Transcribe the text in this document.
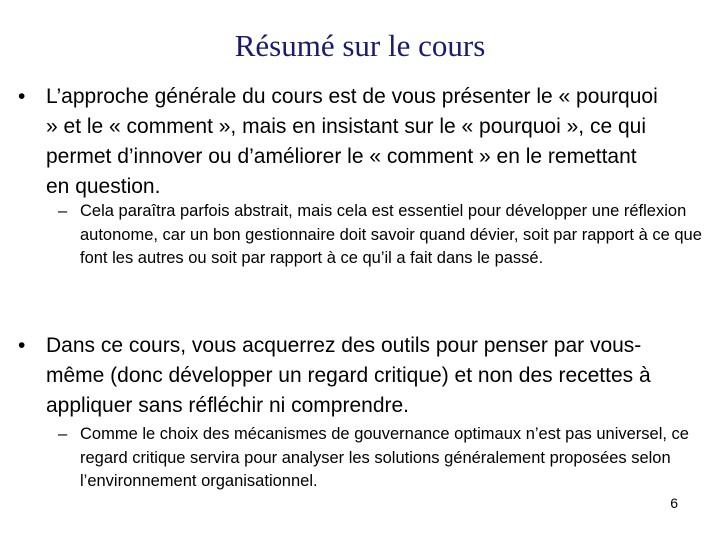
Résumé sur le cours
• L’approche générale du cours est de vous présenter le « pourquoi » et le « comment », mais en insistant sur le « pourquoi », ce qui permet d’innover ou d’améliorer le « comment » en le remettant en question.
– Cela paraîtra parfois abstrait, mais cela est essentiel pour développer une réflexion autonome, car un bon gestionnaire doit savoir quand dévier, soit par rapport à ce que font les autres ou soit par rapport à ce qu’il a fait dans le passé.
• Dans ce cours, vous acquerrez des outils pour penser par vous-même (donc développer un regard critique) et non des recettes à appliquer sans réfléchir ni comprendre.
– Comme le choix des mécanismes de gouvernance optimaux n’est pas universel, ce regard critique servira pour analyser les solutions généralement proposées selon l’environnement organisationnel.
6
